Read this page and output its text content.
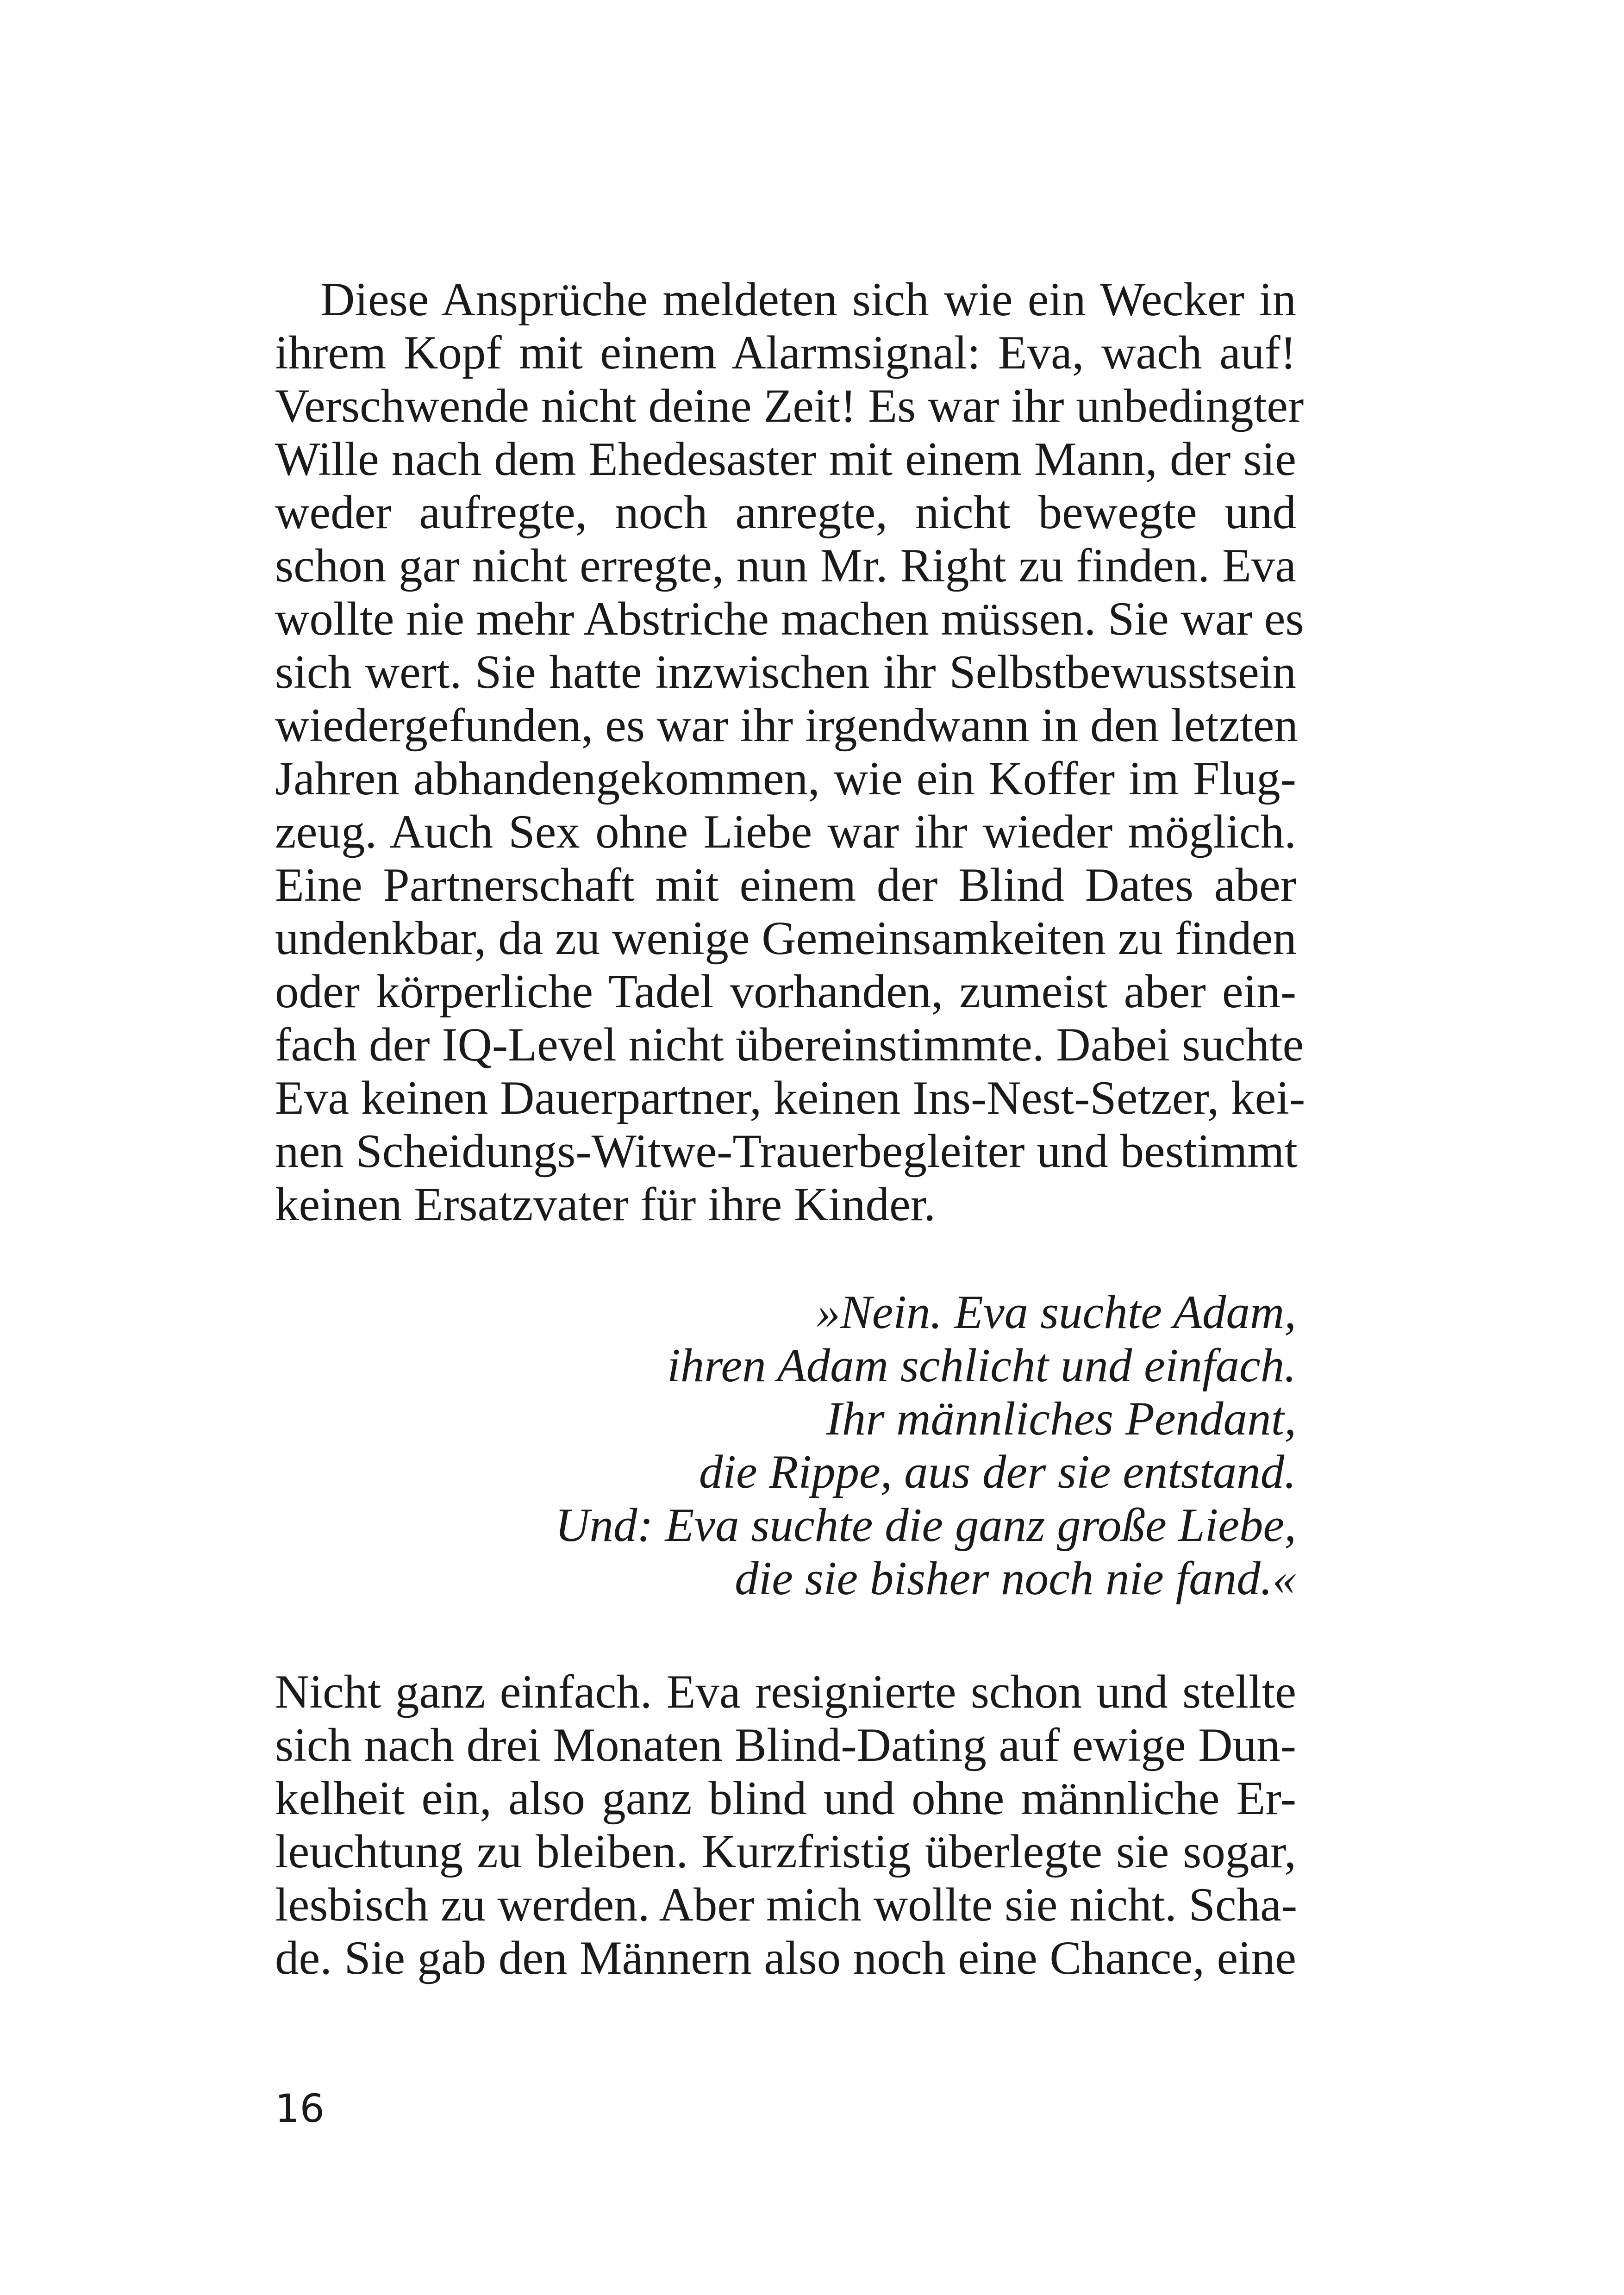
Diese Ansprüche meldeten sich wie ein Wecker in
ihrem Kopf mit einem Alarmsignal: Eva, wach auf!
Verschwende nicht deine Zeit! Es war ihr unbedingter
Wille nach dem Ehedesaster mit einem Mann, der sie
weder aufregte, noch anregte, nicht bewegte und
schon gar nicht erregte, nun Mr. Right zu finden. Eva
wollte nie mehr Abstriche machen müssen. Sie war es
sich wert. Sie hatte inzwischen ihr Selbstbewusstsein
wiedergefunden, es war ihr irgendwann in den letzten
Jahren abhandengekommen, wie ein Koffer im Flug-
zeug. Auch Sex ohne Liebe war ihr wieder möglich.
Eine Partnerschaft mit einem der Blind Dates aber
undenkbar, da zu wenige Gemeinsamkeiten zu finden
oder körperliche Tadel vorhanden, zumeist aber ein-
fach der IQ-Level nicht übereinstimmte. Dabei suchte
Eva keinen Dauerpartner, keinen Ins-Nest-Setzer, kei-
nen Scheidungs-Witwe-Trauerbegleiter und bestimmt
keinen Ersatzvater für ihre Kinder.
»Nein. Eva suchte Adam,
ihren Adam schlicht und einfach.
Ihr männliches Pendant,
die Rippe, aus der sie entstand.
Und: Eva suchte die ganz große Liebe,
die sie bisher noch nie fand.«
Nicht ganz einfach. Eva resignierte schon und stellte
sich nach drei Monaten Blind-Dating auf ewige Dun-
kelheit ein, also ganz blind und ohne männliche Er-
leuchtung zu bleiben. Kurzfristig überlegte sie sogar,
lesbisch zu werden. Aber mich wollte sie nicht. Scha-
de. Sie gab den Männern also noch eine Chance, eine
16
